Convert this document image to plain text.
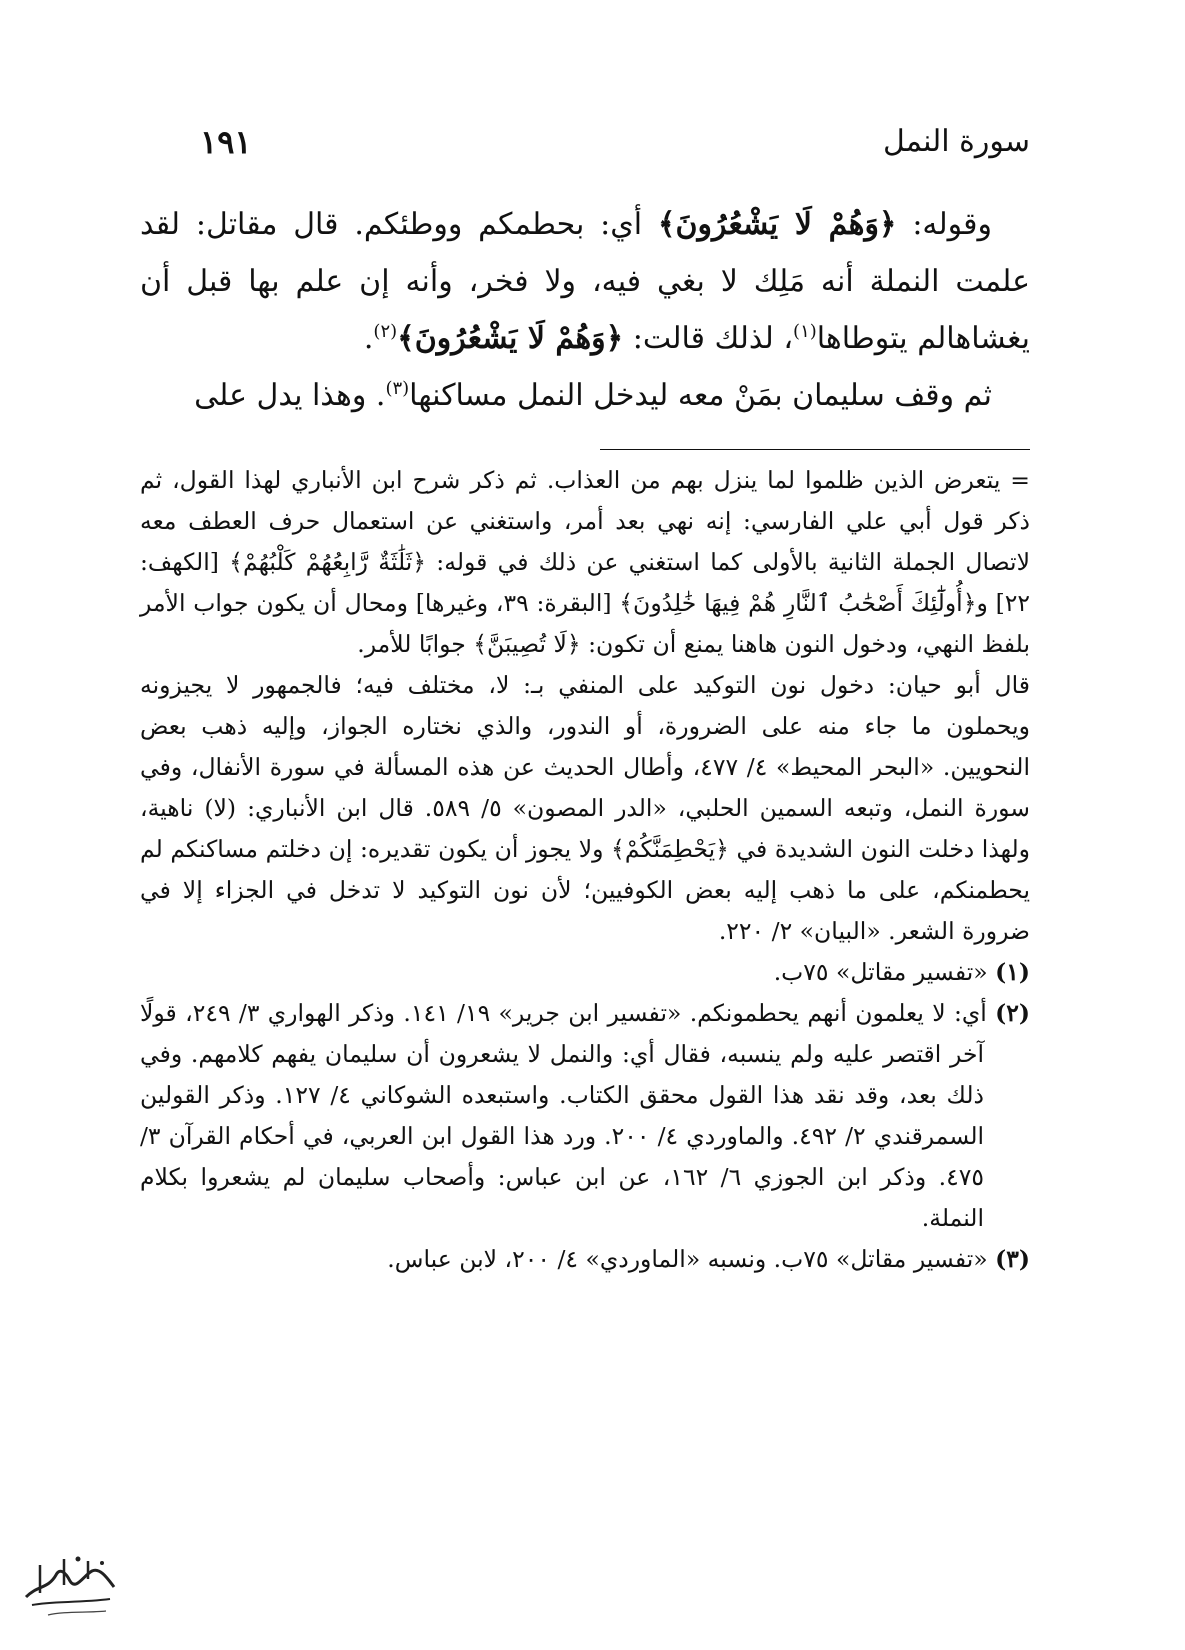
سورة النمل
١٩١

وقوله: ﴿وَهُمْ لَا يَشْعُرُونَ﴾ أي: بحطمكم ووطئكم. قال مقاتل: لقد علمت النملة أنه مَلِك لا بغي فيه، ولا فخر، وأنه إن علم بها قبل أن يغشاهالم يتوطاها$^{(١)}$، لذلك قالت: ﴿وَهُمْ لَا يَشْعُرُونَ﴾$^{(٢)}$.

ثم وقف سليمان بمَنْ معه ليدخل النمل مساكنها$^{(٣)}$. وهذا يدل على

= يتعرض الذين ظلموا لما ينزل بهم من العذاب. ثم ذكر شرح ابن الأنباري لهذا القول، ثم ذكر قول أبي علي الفارسي: إنه نهي بعد أمر، واستغني عن استعمال حرف العطف معه لاتصال الجملة الثانية بالأولى كما استغني عن ذلك في قوله: ﴿ثَلَٰثَةٌ رَّابِعُهُمْ كَلْبُهُمْ﴾ [الكهف: ٢٢] و﴿أُولَٰٓئِكَ أَصْحَٰبُ ٱلنَّارِ هُمْ فِيهَا خَٰلِدُونَ﴾ [البقرة: ٣٩، وغيرها] ومحال أن يكون جواب الأمر بلفظ النهي، ودخول النون هاهنا يمنع أن تكون: ﴿لَا تُصِيبَنَّ﴾ جوابًا للأمر.

قال أبو حيان: دخول نون التوكيد على المنفي بـ: لا، مختلف فيه؛ فالجمهور لا يجيزونه ويحملون ما جاء منه على الضرورة، أو الندور، والذي نختاره الجواز، وإليه ذهب بعض النحويين. «البحر المحيط» ٤/ ٤٧٧، وأطال الحديث عن هذه المسألة في سورة الأنفال، وفي سورة النمل، وتبعه السمين الحلبي، «الدر المصون» ٥/ ٥٨٩. قال ابن الأنباري: (لا) ناهية، ولهذا دخلت النون الشديدة في ﴿يَحْطِمَنَّكُمْ﴾ ولا يجوز أن يكون تقديره: إن دخلتم مساكنكم لم يحطمنكم، على ما ذهب إليه بعض الكوفيين؛ لأن نون التوكيد لا تدخل في الجزاء إلا في ضرورة الشعر. «البيان» ٢/ ٢٢٠.

(١) «تفسير مقاتل» ٧٥ب.

(٢) أي: لا يعلمون أنهم يحطمونكم. «تفسير ابن جرير» ١٩/ ١٤١. وذكر الهواري ٣/ ٢٤٩، قولًا آخر اقتصر عليه ولم ينسبه، فقال أي: والنمل لا يشعرون أن سليمان يفهم كلامهم. وفي ذلك بعد، وقد نقد هذا القول محقق الكتاب. واستبعده الشوكاني ٤/ ١٢٧. وذكر القولين السمرقندي ٢/ ٤٩٢. والماوردي ٤/ ٢٠٠. ورد هذا القول ابن العربي، في أحكام القرآن ٣/ ٤٧٥. وذكر ابن الجوزي ٦/ ١٦٢، عن ابن عباس: وأصحاب سليمان لم يشعروا بكلام النملة.

(٣) «تفسير مقاتل» ٧٥ب. ونسبه «الماوردي» ٤/ ٢٠٠، لابن عباس.
